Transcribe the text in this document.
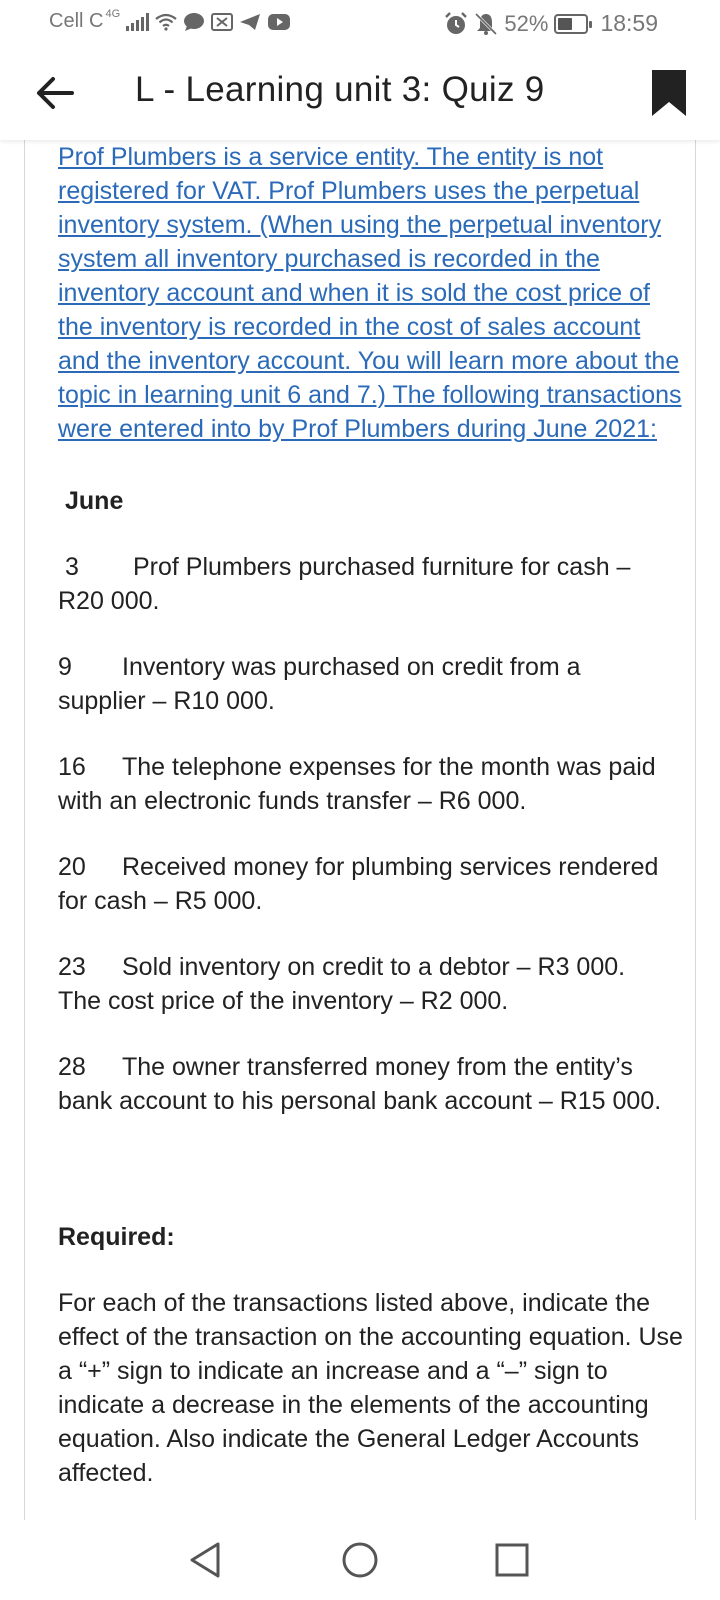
Cell C 4G	52% 18:59
L - Learning unit 3: Quiz 9
Prof Plumbers is a service entity. The entity is not registered for VAT. Prof Plumbers uses the perpetual inventory system. (When using the perpetual inventory system all inventory purchased is recorded in the inventory account and when it is sold the cost price of the inventory is recorded in the cost of sales account and the inventory account. You will learn more about the topic in learning unit 6 and 7.) The following transactions were entered into by Prof Plumbers during June 2021:
June
3 Prof Plumbers purchased furniture for cash –
R20 000.
9 Inventory was purchased on credit from a
supplier – R10 000.
16 The telephone expenses for the month was paid
with an electronic funds transfer – R6 000.
20 Received money for plumbing services rendered
for cash – R5 000.
23 Sold inventory on credit to a debtor – R3 000.
The cost price of the inventory – R2 000.
28 The owner transferred money from the entity’s
bank account to his personal bank account – R15 000.
Required:
For each of the transactions listed above, indicate the effect of the transaction on the accounting equation. Use a “+” sign to indicate an increase and a “–” sign to indicate a decrease in the elements of the accounting equation. Also indicate the General Ledger Accounts affected.
